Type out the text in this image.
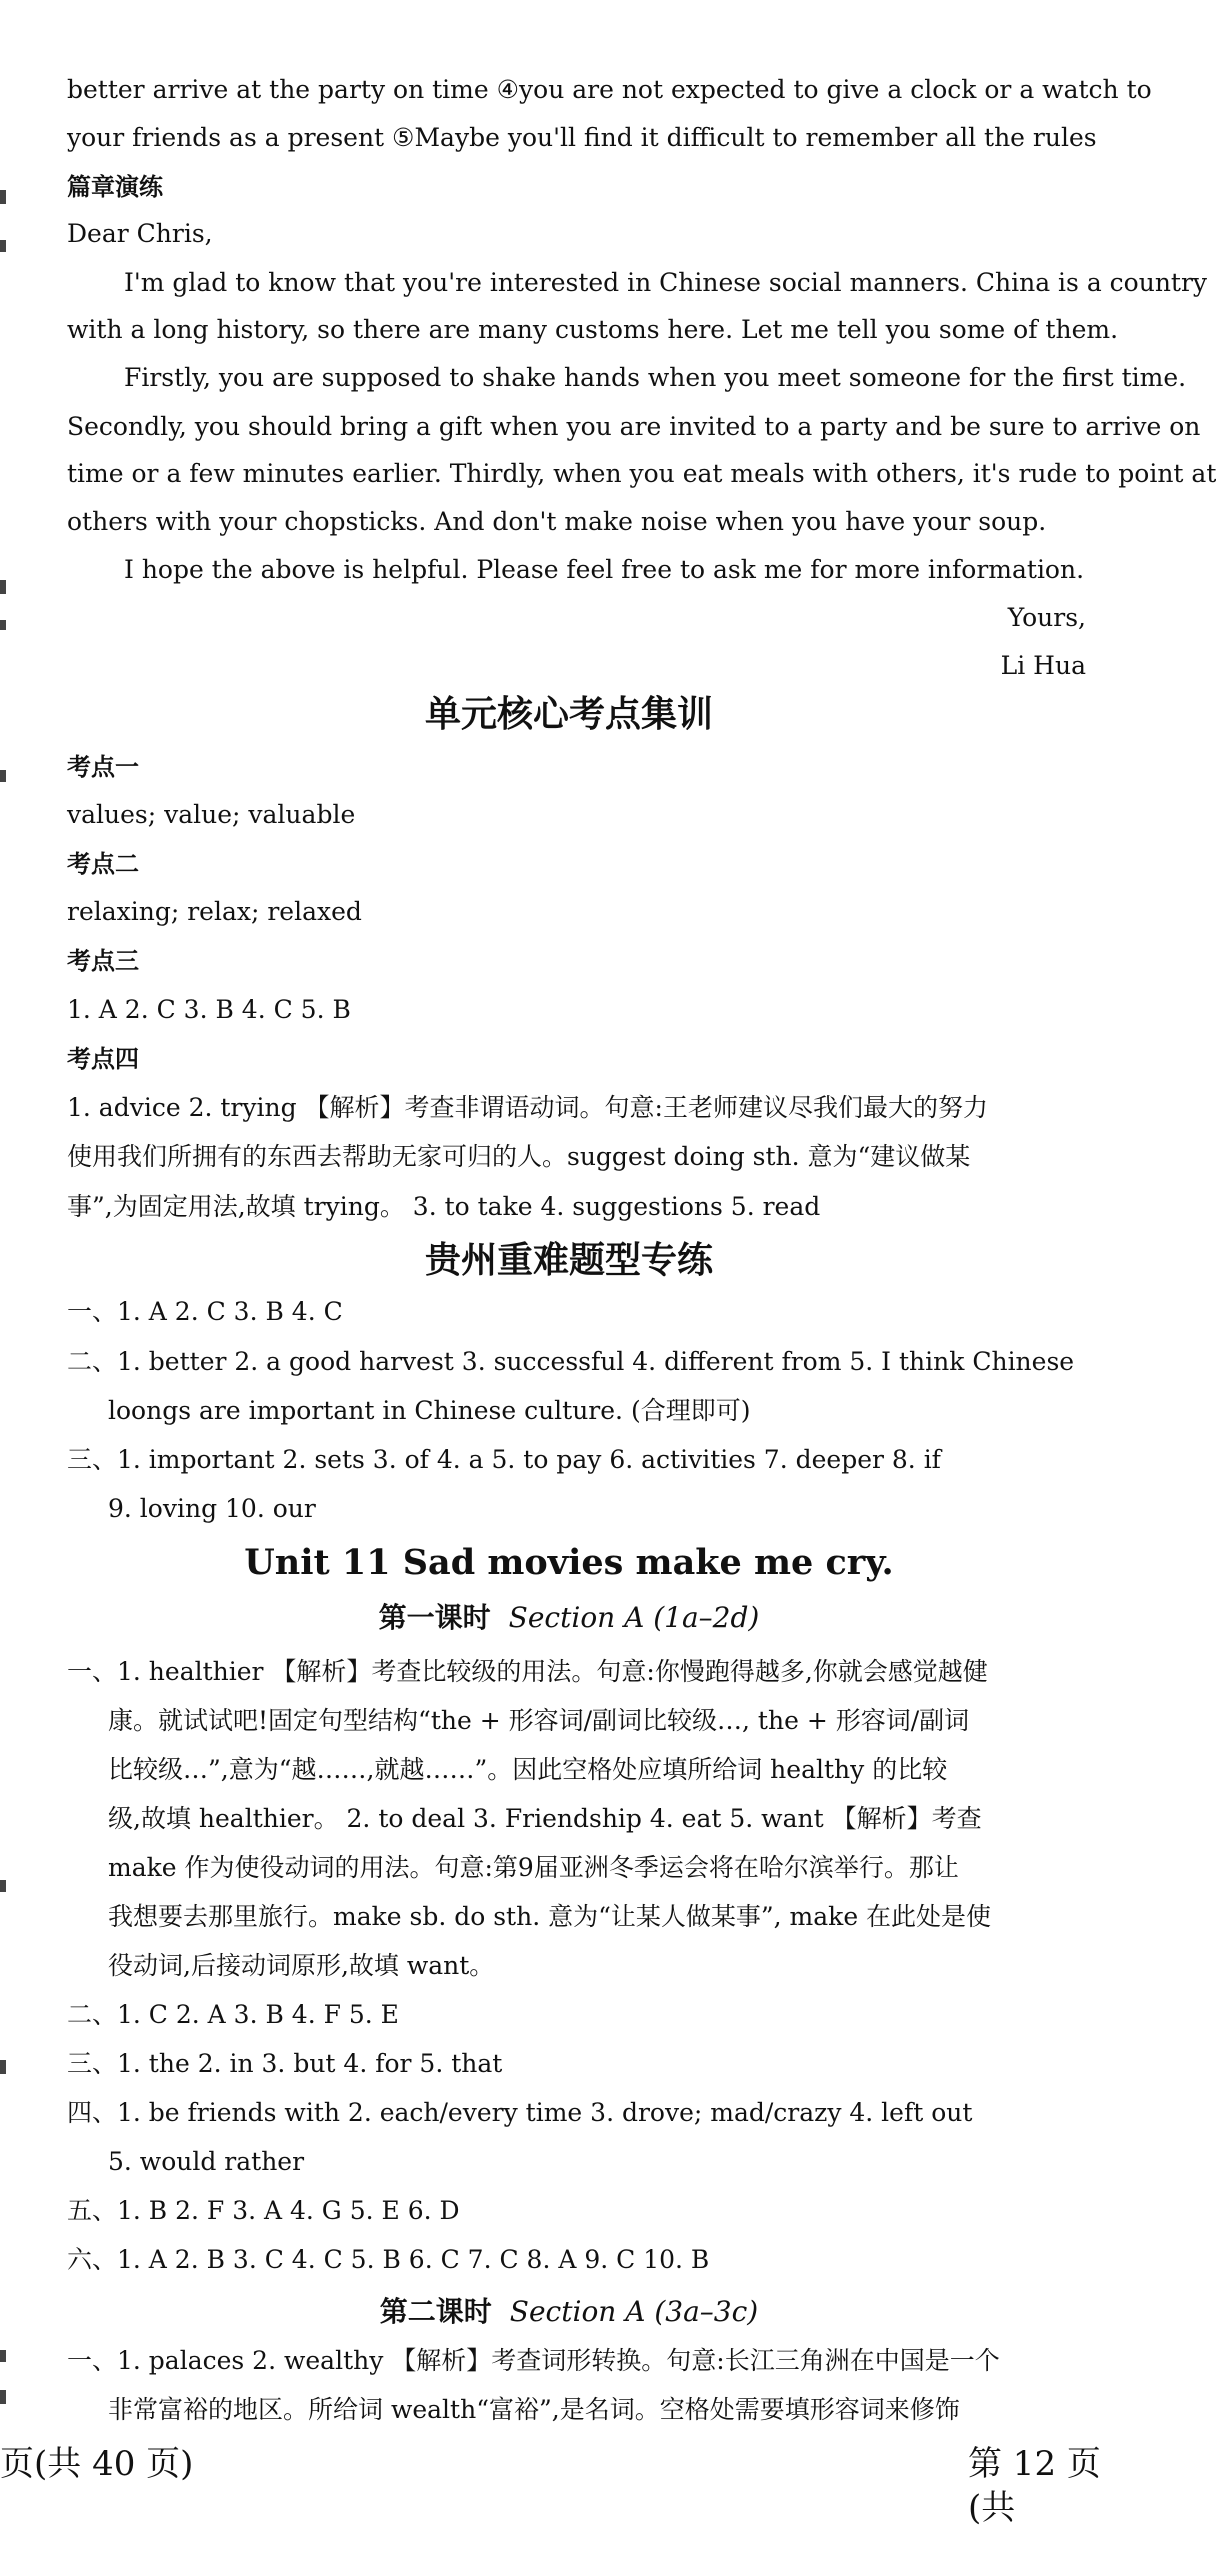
better arrive at the party on time ④you are not expected to give a clock or a watch to
your friends as a present ⑤Maybe you'll find it difficult to remember all the rules
篇章演练
Dear Chris,
I'm glad to know that you're interested in Chinese social manners. China is a country
with a long history, so there are many customs here. Let me tell you some of them.
Firstly, you are supposed to shake hands when you meet someone for the first time.
Secondly, you should bring a gift when you are invited to a party and be sure to arrive on
time or a few minutes earlier. Thirdly, when you eat meals with others, it's rude to point at
others with your chopsticks. And don't make noise when you have your soup.
I hope the above is helpful. Please feel free to ask me for more information.
Yours,
Li Hua
单元核心考点集训
考点一
values; value; valuable
考点二
relaxing; relax; relaxed
考点三
1. A 2. C 3. B 4. C 5. B
考点四
1. advice 2. trying 【解析】考查非谓语动词。句意:王老师建议尽我们最大的努力
使用我们所拥有的东西去帮助无家可归的人。suggest doing sth. 意为“建议做某
事”,为固定用法,故填 trying。 3. to take 4. suggestions 5. read
贵州重难题型专练
一、1. A 2. C 3. B 4. C
二、1. better 2. a good harvest 3. successful 4. different from 5. I think Chinese
loongs are important in Chinese culture. (合理即可)
三、1. important 2. sets 3. of 4. a 5. to pay 6. activities 7. deeper 8. if
9. loving 10. our
Unit 11 Sad movies make me cry.
第一课时 Section A (1a–2d)
一、1. healthier 【解析】考查比较级的用法。句意:你慢跑得越多,你就会感觉越健
康。就试试吧!固定句型结构“the + 形容词/副词比较级…, the + 形容词/副词
比较级…”,意为“越……,就越……”。因此空格处应填所给词 healthy 的比较
级,故填 healthier。 2. to deal 3. Friendship 4. eat 5. want 【解析】考查
make 作为使役动词的用法。句意:第9届亚洲冬季运会将在哈尔滨举行。那让
我想要去那里旅行。make sb. do sth. 意为“让某人做某事”, make 在此处是使
役动词,后接动词原形,故填 want。
二、1. C 2. A 3. B 4. F 5. E
三、1. the 2. in 3. but 4. for 5. that
四、1. be friends with 2. each/every time 3. drove; mad/crazy 4. left out
5. would rather
五、1. B 2. F 3. A 4. G 5. E 6. D
六、1. A 2. B 3. C 4. C 5. B 6. C 7. C 8. A 9. C 10. B
第二课时 Section A (3a–3c)
一、1. palaces 2. wealthy 【解析】考查词形转换。句意:长江三角洲在中国是一个
非常富裕的地区。所给词 wealth“富裕”,是名词。空格处需要填形容词来修饰
页(共 40 页)	第 12 页(共
